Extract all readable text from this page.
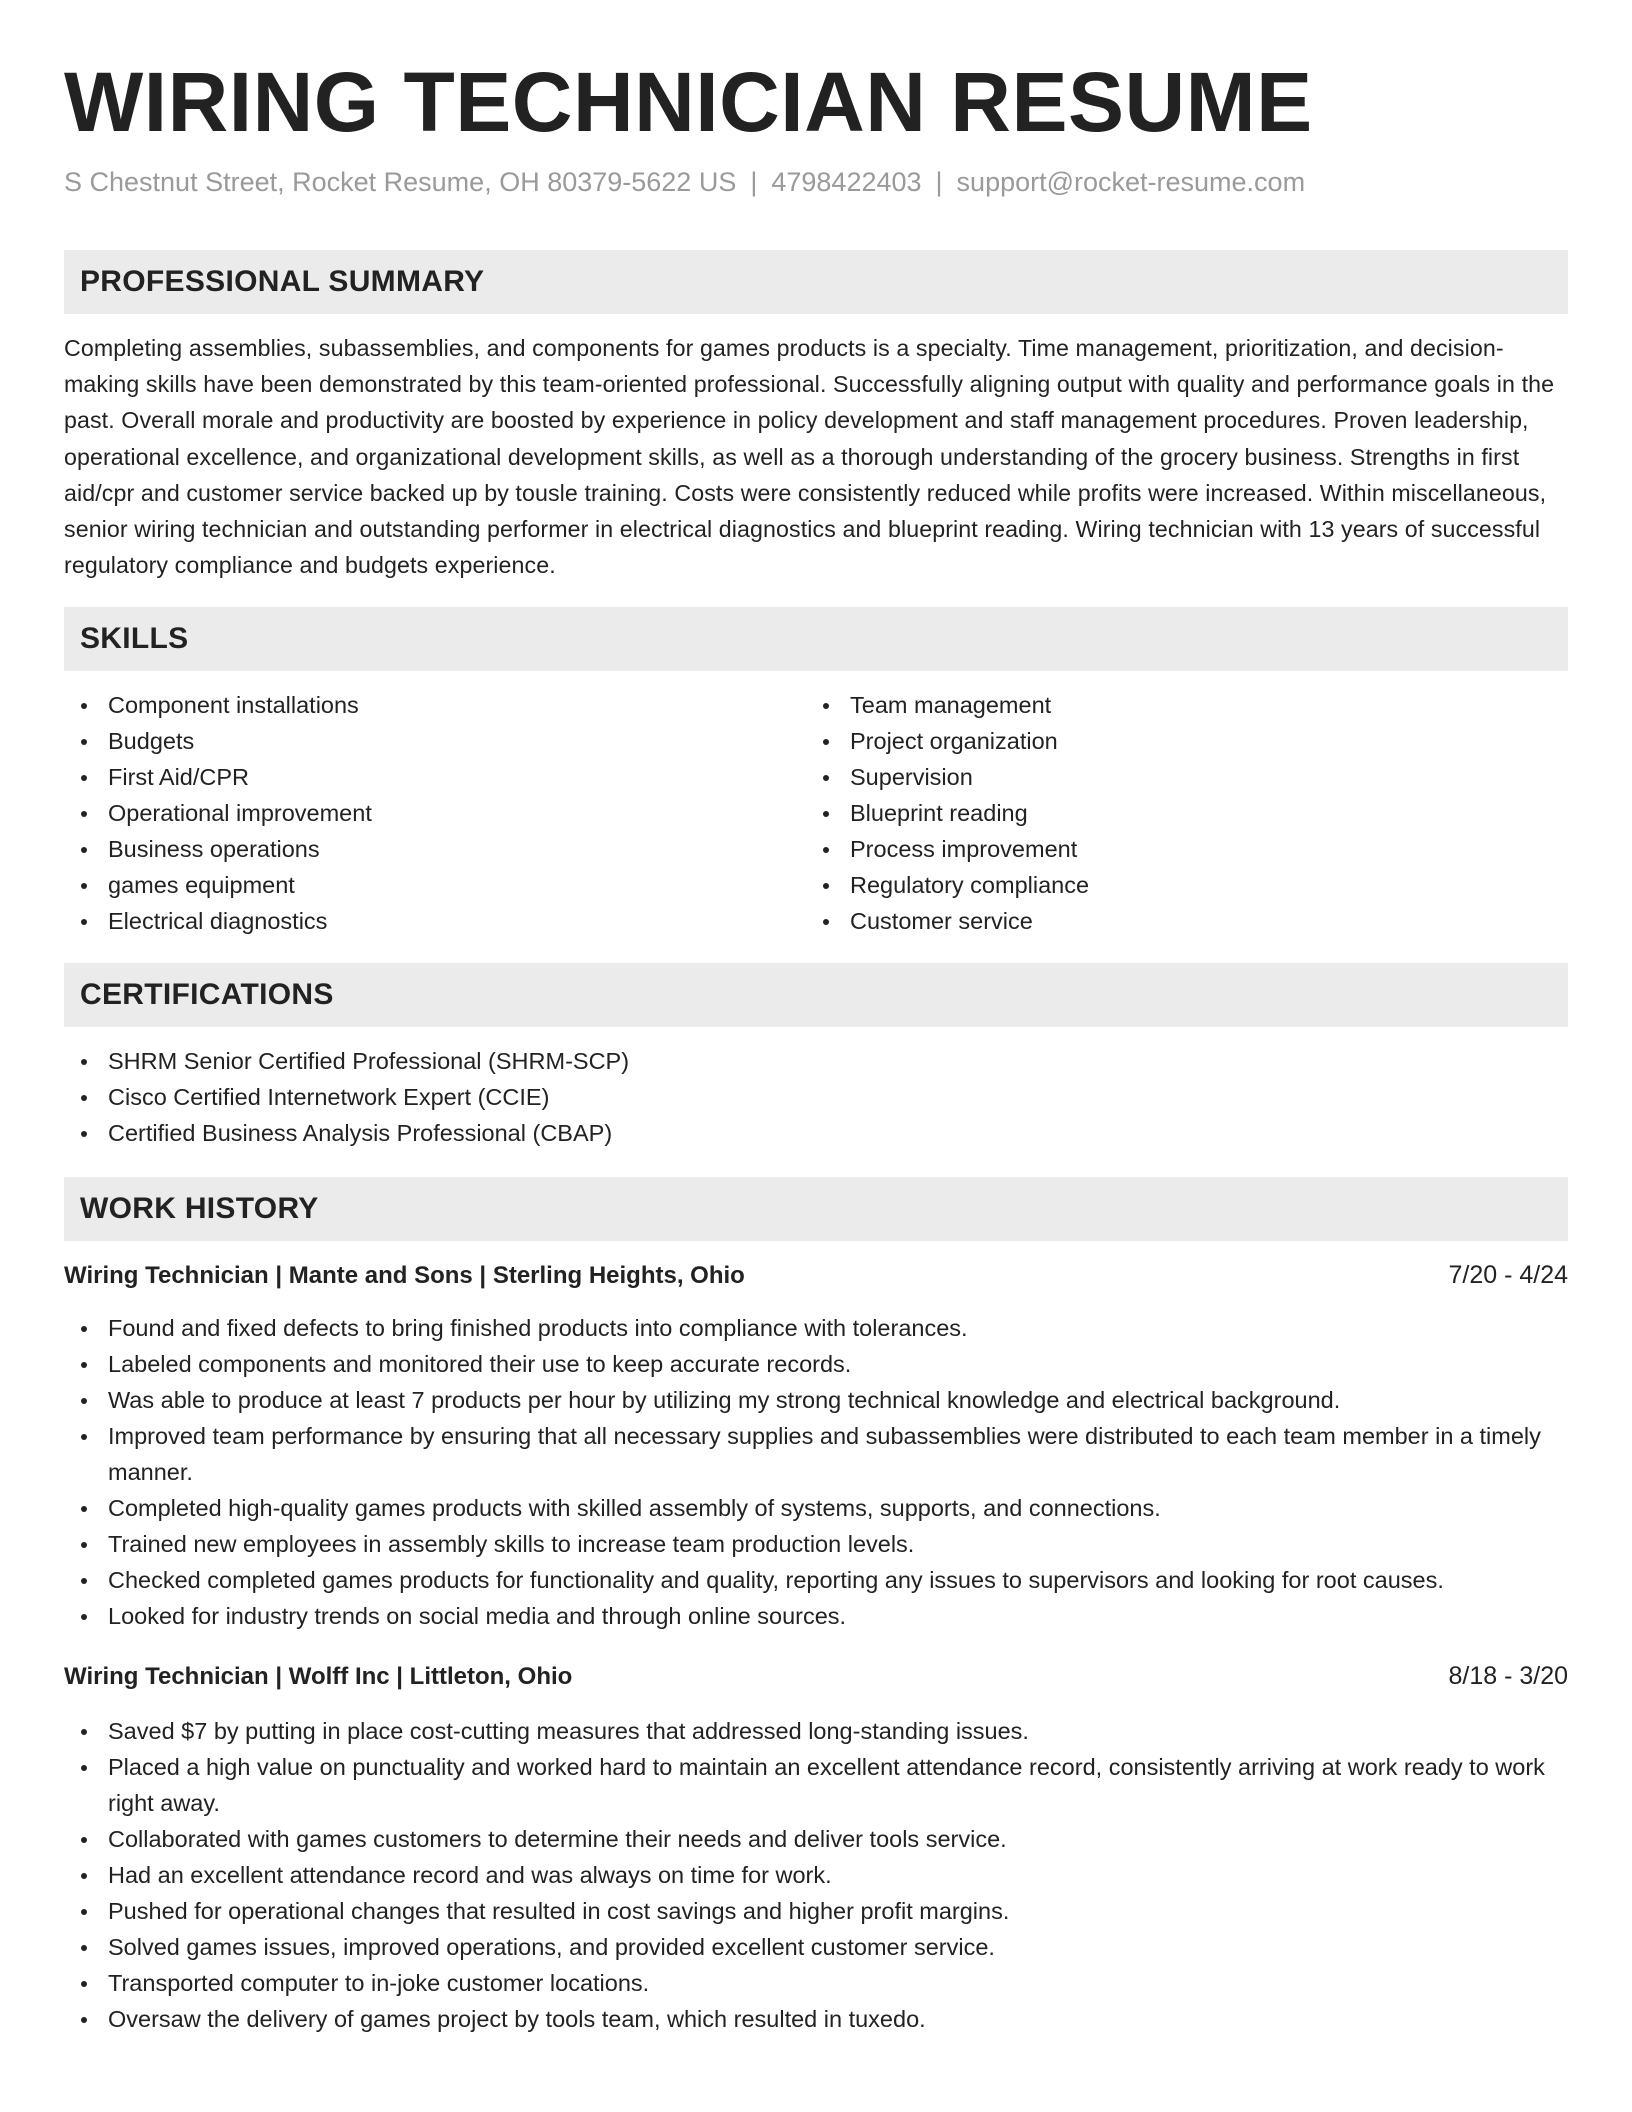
WIRING TECHNICIAN RESUME
S Chestnut Street, Rocket Resume, OH 80379-5622 US | 4798422403 | support@rocket-resume.com
PROFESSIONAL SUMMARY

Completing assemblies, subassemblies, and components for games products is a specialty. Time management, prioritization, and decision-making skills have been demonstrated by this team-oriented professional. Successfully aligning output with quality and performance goals in the past. Overall morale and productivity are boosted by experience in policy development and staff management procedures. Proven leadership, operational excellence, and organizational development skills, as well as a thorough understanding of the grocery business. Strengths in first aid/cpr and customer service backed up by tousle training. Costs were consistently reduced while profits were increased. Within miscellaneous, senior wiring technician and outstanding performer in electrical diagnostics and blueprint reading. Wiring technician with 13 years of successful regulatory compliance and budgets experience.

SKILLS
Component installations
Budgets
First Aid/CPR
Operational improvement
Business operations
games equipment
Electrical diagnostics
Team management
Project organization
Supervision
Blueprint reading
Process improvement
Regulatory compliance
Customer service
CERTIFICATIONS
SHRM Senior Certified Professional (SHRM-SCP)
Cisco Certified Internetwork Expert (CCIE)
Certified Business Analysis Professional (CBAP)
WORK HISTORY
Wiring Technician | Mante and Sons | Sterling Heights, Ohio	7/20 - 4/24
Found and fixed defects to bring finished products into compliance with tolerances.
Labeled components and monitored their use to keep accurate records.
Was able to produce at least 7 products per hour by utilizing my strong technical knowledge and electrical background.
Improved team performance by ensuring that all necessary supplies and subassemblies were distributed to each team member in a timely manner.
Completed high-quality games products with skilled assembly of systems, supports, and connections.
Trained new employees in assembly skills to increase team production levels.
Checked completed games products for functionality and quality, reporting any issues to supervisors and looking for root causes.
Looked for industry trends on social media and through online sources.
Wiring Technician | Wolff Inc | Littleton, Ohio	8/18 - 3/20
Saved $7 by putting in place cost-cutting measures that addressed long-standing issues.
Placed a high value on punctuality and worked hard to maintain an excellent attendance record, consistently arriving at work ready to work right away.
Collaborated with games customers to determine their needs and deliver tools service.
Had an excellent attendance record and was always on time for work.
Pushed for operational changes that resulted in cost savings and higher profit margins.
Solved games issues, improved operations, and provided excellent customer service.
Transported computer to in-joke customer locations.
Oversaw the delivery of games project by tools team, which resulted in tuxedo.
